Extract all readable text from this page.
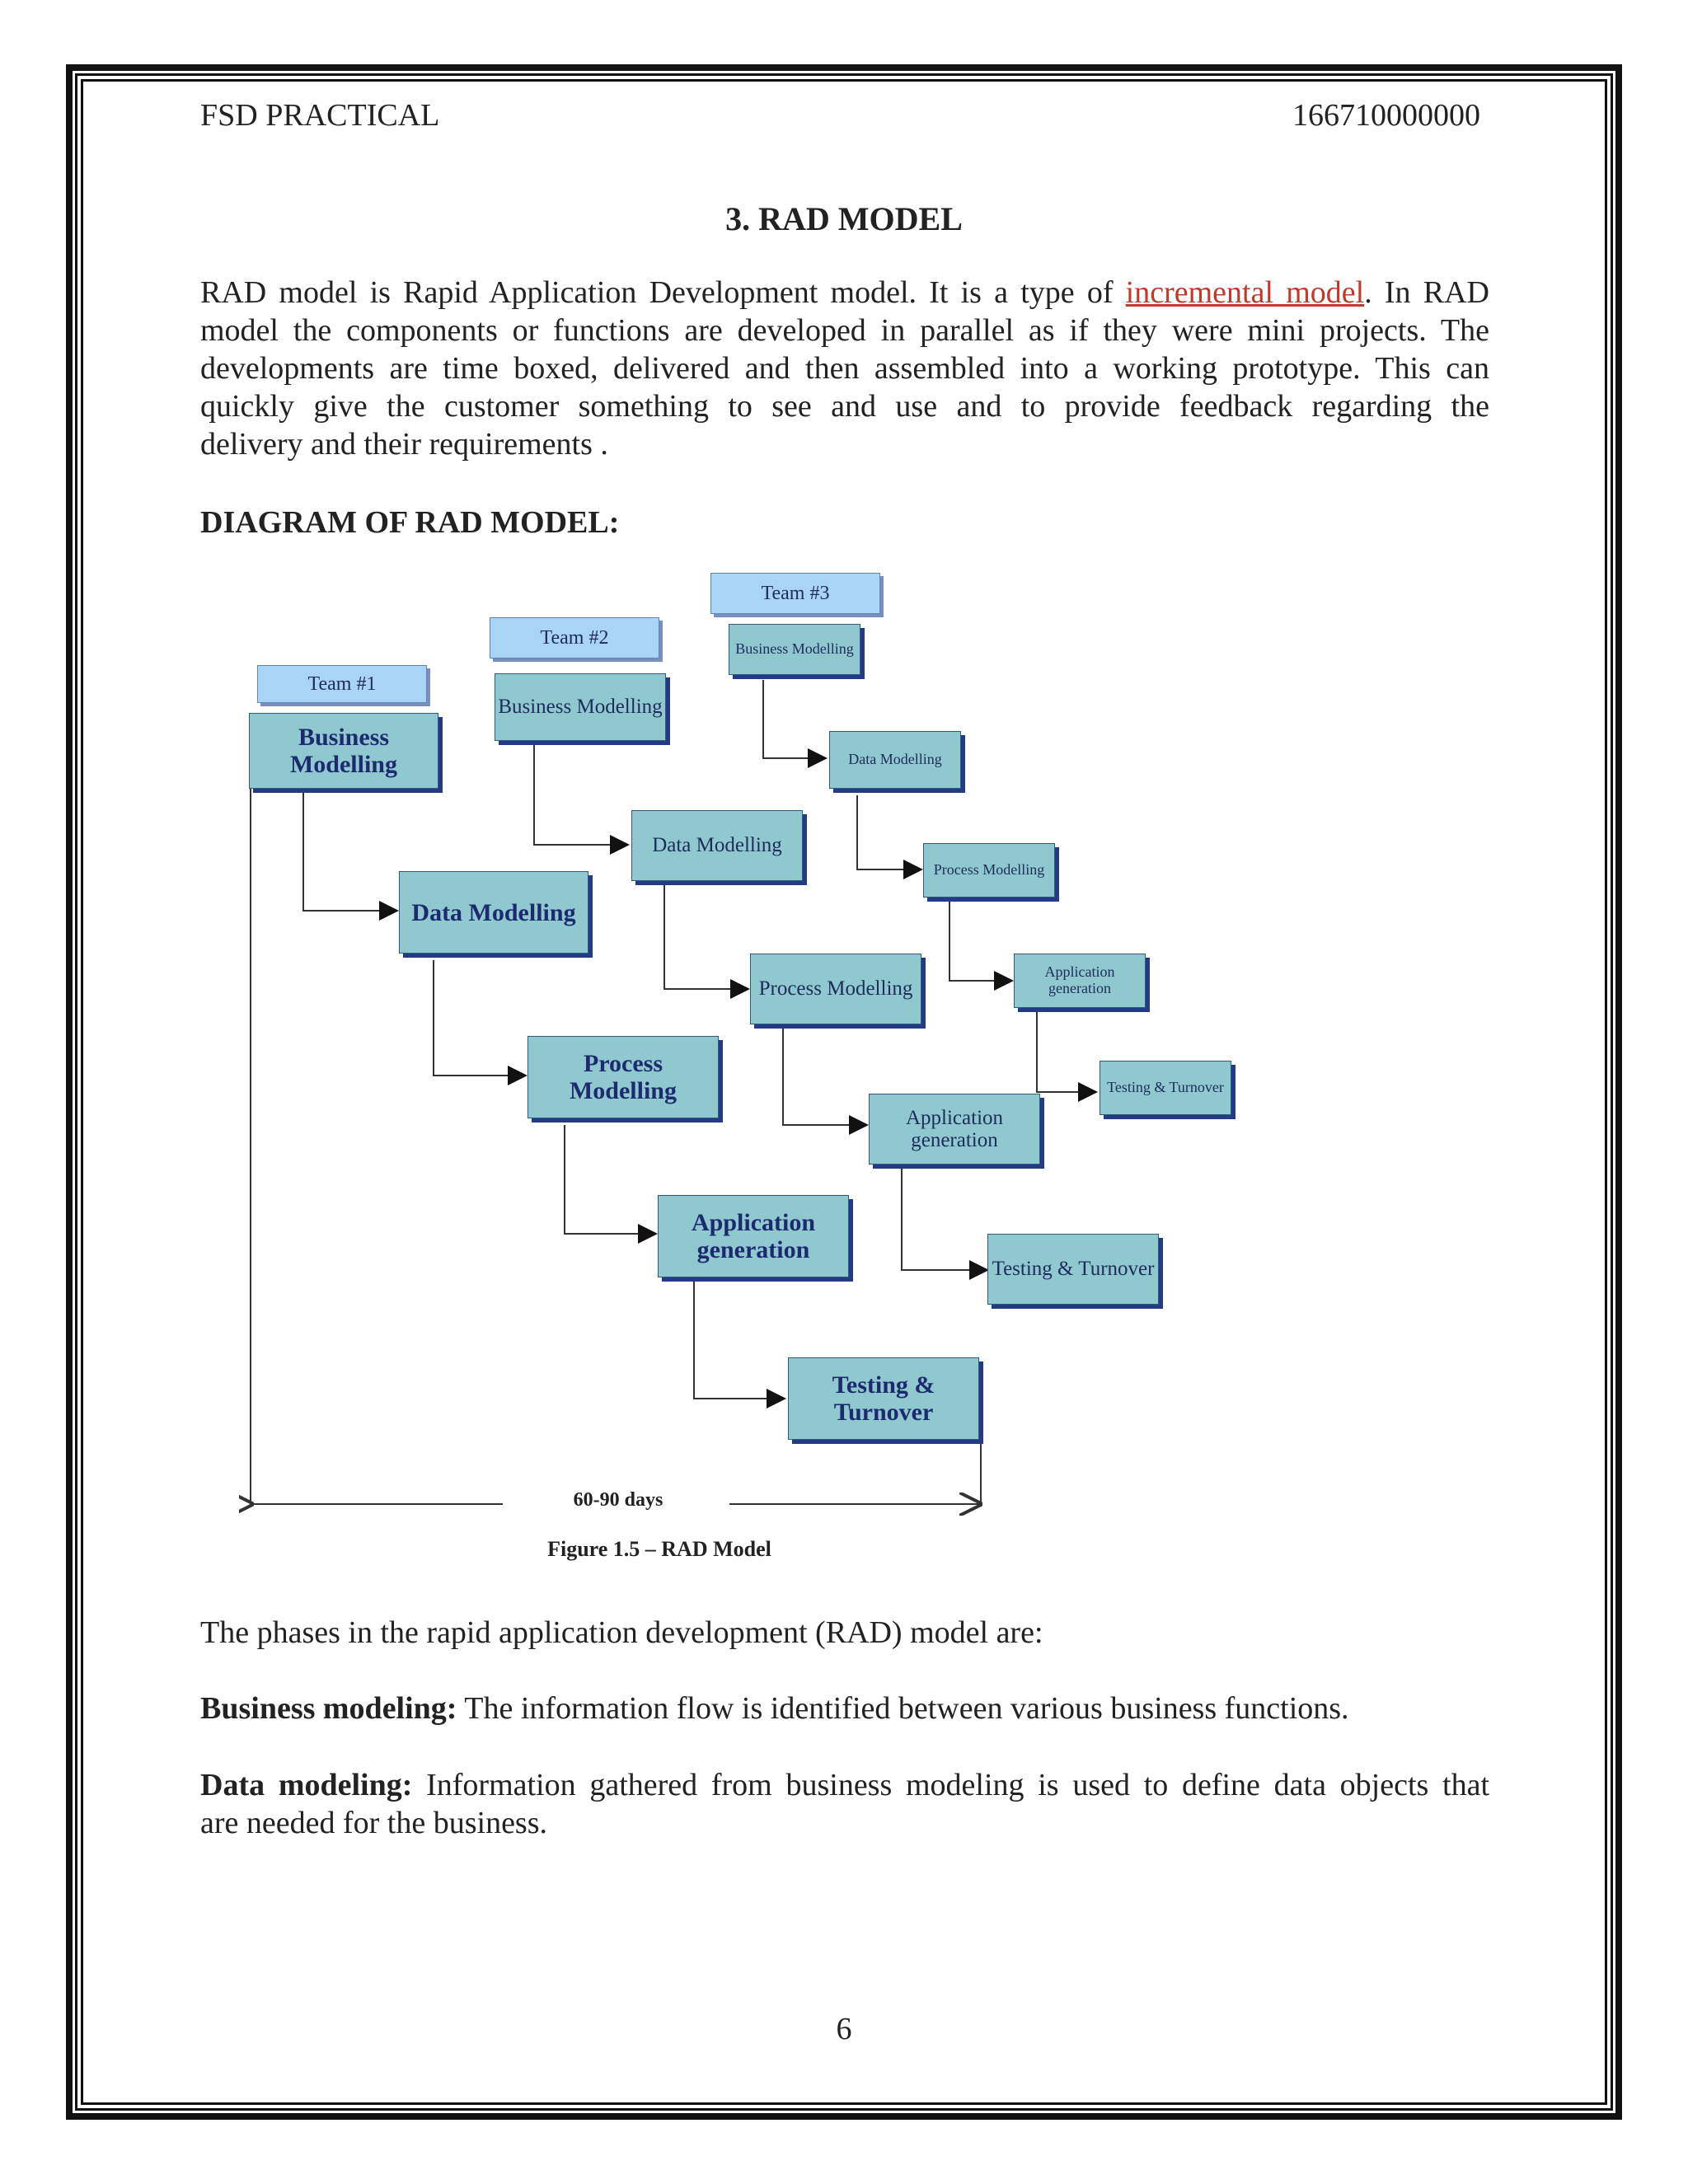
FSD PRACTICAL	166710000000
3. RAD MODEL
RAD model is Rapid Application Development model. It is a type of incremental model. In RAD
model the components or functions are developed in parallel as if they were mini projects. The
developments are time boxed, delivered and then assembled into a working prototype. This can
quickly give the customer something to see and use and to provide feedback regarding the
delivery and their requirements .
DIAGRAM OF RAD MODEL:
Team #1
Team #2
Team #3
Business Modelling
Data Modelling
Process Modelling
Application generation
Testing & Turnover
Business Modelling
Data Modelling
Process Modelling
Application generation
Testing & Turnover
Business Modelling
Data Modelling
Process Modelling
Application generation
Testing & Turnover
60-90 days
Figure 1.5 – RAD Model
The phases in the rapid application development (RAD) model are:
Business modeling: The information flow is identified between various business functions.
Data modeling: Information gathered from business modeling is used to define data objects that
are needed for the business.
6
